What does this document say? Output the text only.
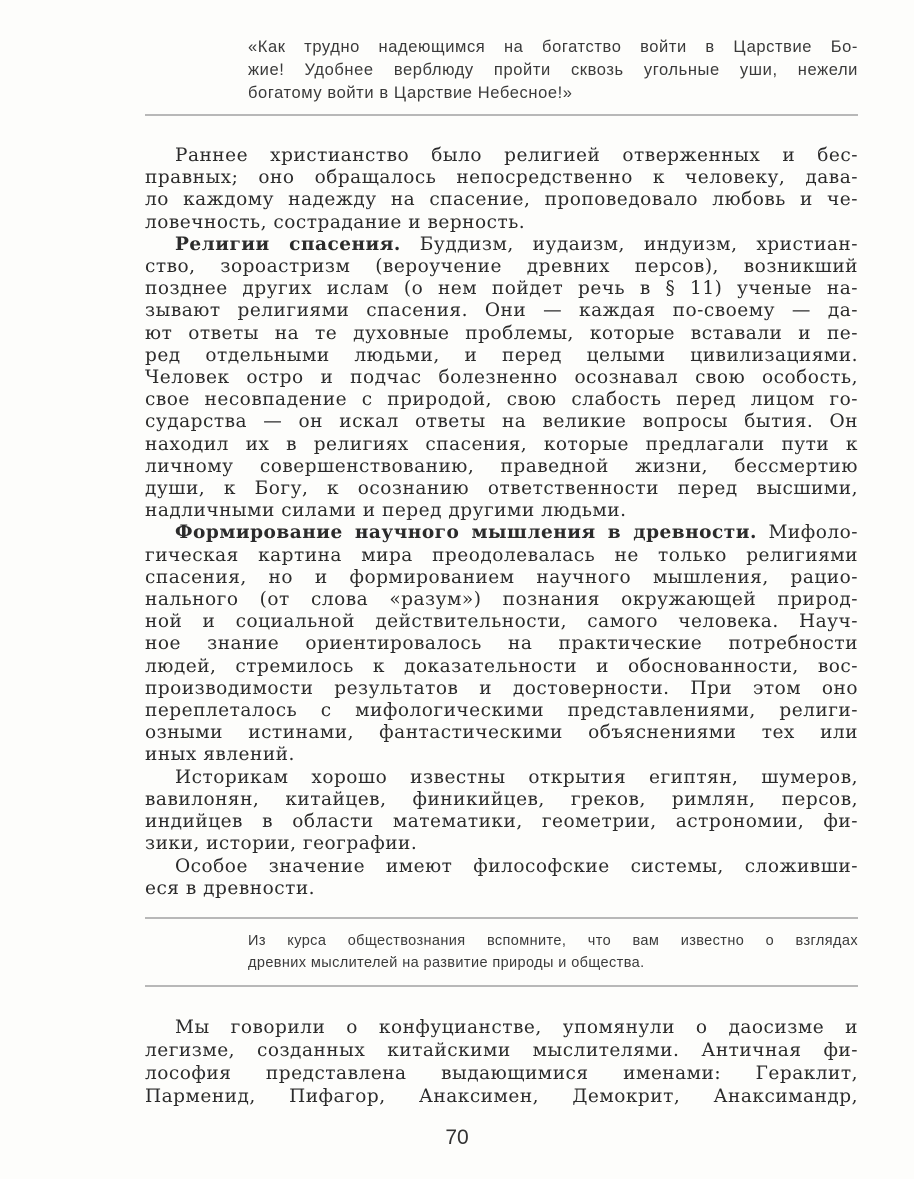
«Как трудно надеющимся на богатство войти в Царствие Бо-
жие! Удобнее верблюду пройти сквозь угольные уши, нежели
богатому войти в Царствие Небесное!»
Раннее христианство было религией отверженных и бес-
правных; оно обращалось непосредственно к человеку, дава-
ло каждому надежду на спасение, проповедовало любовь и че-
ловечность, сострадание и верность.
Религии спасения. Буддизм, иудаизм, индуизм, христиан-
ство, зороастризм (вероучение древних персов), возникший
позднее других ислам (о нем пойдет речь в § 11) ученые на-
зывают религиями спасения. Они — каждая по-своему — да-
ют ответы на те духовные проблемы, которые вставали и пе-
ред отдельными людьми, и перед целыми цивилизациями.
Человек остро и подчас болезненно осознавал свою особость,
свое несовпадение с природой, свою слабость перед лицом го-
сударства — он искал ответы на великие вопросы бытия. Он
находил их в религиях спасения, которые предлагали пути к
личному совершенствованию, праведной жизни, бессмертию
души, к Богу, к осознанию ответственности перед высшими,
надличными силами и перед другими людьми.
Формирование научного мышления в древности. Мифоло-
гическая картина мира преодолевалась не только религиями
спасения, но и формированием научного мышления, рацио-
нального (от слова «разум») познания окружающей природ-
ной и социальной действительности, самого человека. Науч-
ное знание ориентировалось на практические потребности
людей, стремилось к доказательности и обоснованности, вос-
производимости результатов и достоверности. При этом оно
переплеталось с мифологическими представлениями, религи-
озными истинами, фантастическими объяснениями тех или
иных явлений.
Историкам хорошо известны открытия египтян, шумеров,
вавилонян, китайцев, финикийцев, греков, римлян, персов,
индийцев в области математики, геометрии, астрономии, фи-
зики, истории, географии.
Особое значение имеют философские системы, сложивши-
еся в древности.
Из курса обществознания вспомните, что вам известно о взглядах
древних мыслителей на развитие природы и общества.
Мы говорили о конфуцианстве, упомянули о даосизме и
легизме, созданных китайскими мыслителями. Античная фи-
лософия представлена выдающимися именами: Гераклит,
Парменид, Пифагор, Анаксимен, Демокрит, Анаксимандр,
70
